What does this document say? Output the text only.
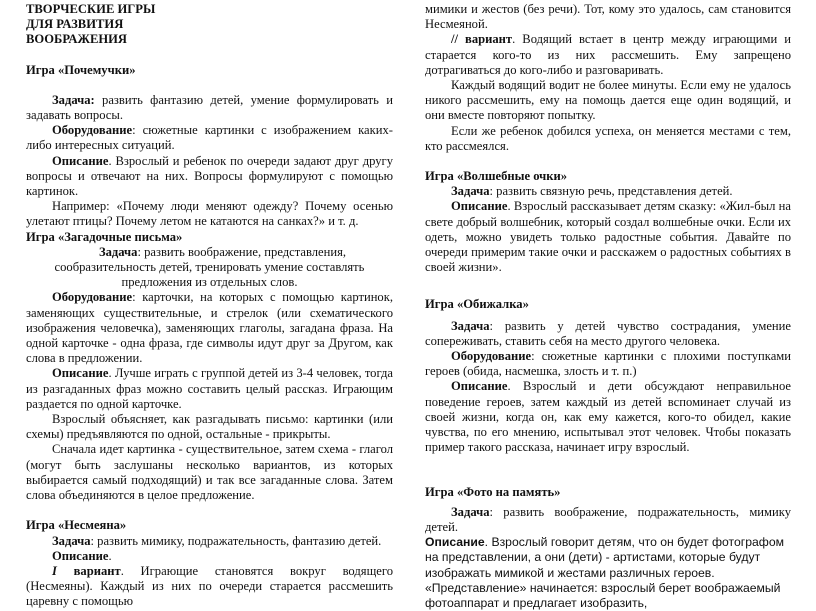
ТВОРЧЕСКИЕ ИГРЫ

ДЛЯ РАЗВИТИЯ

ВООБРАЖЕНИЯ

Игра «Почемучки»

Задача: развить фантазию детей, умение формулировать и задавать вопросы.

Оборудование: сюжетные картинки с изображением каких-либо интересных ситуаций.

Описание. Взрослый и ребенок по очереди задают друг другу вопросы и отвечают на них. Вопросы формулируют с помощью картинок.

Например: «Почему люди меняют одежду? Почему осенью улетают птицы? Почему летом не катаются на санках?» и т. д.

Игра «Загадочные письма»

Задача: развить воображение, представления, сообразительность детей, тренировать умение составлять предложения из отдельных слов.

Оборудование: карточки, на которых с помощью картинок, заменяющих существительные, и стрелок (или схематического изображения человечка), заменяющих глаголы, загадана фраза. На одной карточке - одна фраза, где символы идут друг за Другом, как слова в предложении.

Описание. Лучше играть с группой детей из 3-4 человек, тогда из разгаданных фраз можно составить целый рассказ. Играющим раздается по одной карточке.

Взрослый объясняет, как разгадывать письмо: картинки (или схемы) предъявляются по одной, остальные - прикрыты.

Сначала идет картинка - существительное, затем схема - глагол (могут быть заслушаны несколько вариантов, из которых выбирается самый подходящий) и так все загаданные слова. Затем слова объединяются в целое предложение.

Игра «Несмеяна»

Задача: развить мимику, подражательность, фантазию детей.

Описание.

I вариант. Играющие становятся вокруг водящего (Несмеяны). Каждый из них по очереди старается рассмешить царевну с помощью

мимики и жестов (без речи). Тот, кому это удалось, сам становится Несмеяной.

// вариант. Водящий встает в центр между играющими и старается кого-то из них рассмешить. Ему запрещено дотрагиваться до кого-либо и разговаривать.

Каждый водящий водит не более минуты. Если ему не удалось никого рассмешить, ему на помощь дается еще один водящий, и они вместе повторяют попытку.

Если же ребенок добился успеха, он меняется местами с тем, кто рассмеялся.

Игра «Волшебные очки»

Задача: развить связную речь, представления детей.

Описание. Взрослый рассказывает детям сказку: «Жил-был на свете добрый волшебник, который создал волшебные очки. Если их одеть, можно увидеть только радостные события. Давайте по очереди примерим такие очки и расскажем о радостных событиях в своей жизни».

Игра «Обижалка»

Задача: развить у детей чувство сострадания, умение сопереживать, ставить себя на место другого человека.

Оборудование: сюжетные картинки с плохими поступками героев (обида, насмешка, злость и т. п.)

Описание. Взрослый и дети обсуждают неправильное поведение героев, затем каждый из детей вспоминает случай из своей жизни, когда он, как ему кажется, кого-то обидел, какие чувства, по его мнению, испытывал этот человек. Чтобы показать пример такого рассказа, начинает игру взрослый.

Игра «Фото на память»

Задача: развить воображение, подражательность, мимику детей.

Описание. Взрослый говорит детям, что он будет фотографом на представлении, а они (дети) - артистами, которые будут изображать мимикой и жестами различных героев. «Представление» начинается: взрослый берет воображаемый фотоаппарат и предлагает изобразить,
